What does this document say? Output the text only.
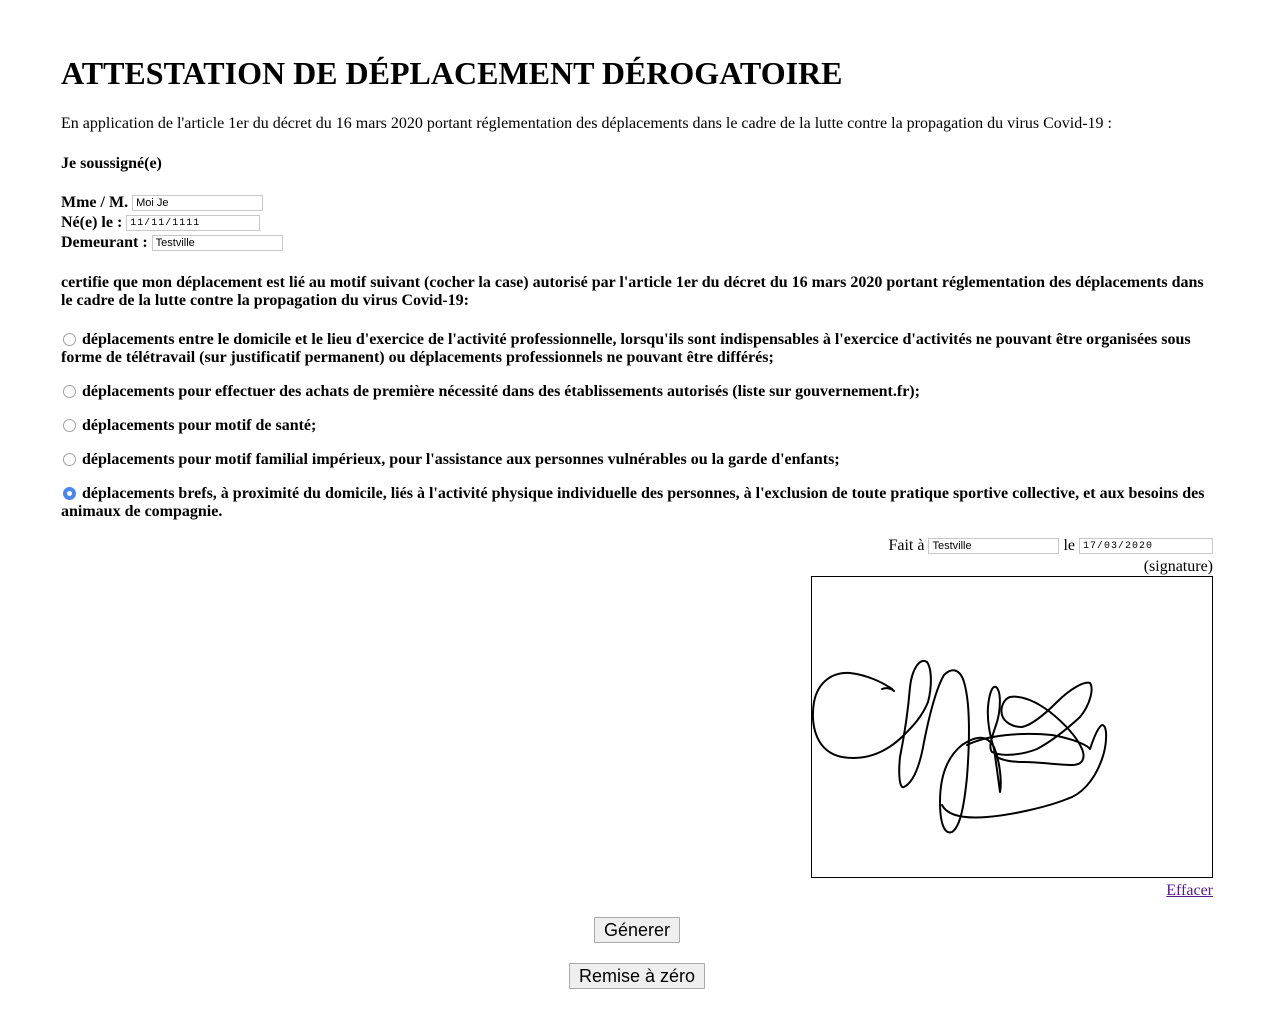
ATTESTATION DE DÉPLACEMENT DÉROGATOIRE

En application de l'article 1er du décret du 16 mars 2020 portant réglementation des déplacements dans le cadre de la lutte contre la propagation du virus Covid-19 :

Je soussigné(e)

Mme / M.
Moi Je
Né(e) le :
11/11/1111
Demeurant :
Testville

certifie que mon déplacement est lié au motif suivant (cocher la case) autorisé par l'article 1er du décret du 16 mars 2020 portant réglementation des déplacements dans le cadre de la lutte contre la propagation du virus Covid-19:

déplacements entre le domicile et le lieu d'exercice de l'activité professionnelle, lorsqu'ils sont indispensables à l'exercice d'activités ne pouvant être organisées sous forme de télétravail (sur justificatif permanent) ou déplacements professionnels ne pouvant être différés;
déplacements pour effectuer des achats de première nécessité dans des établissements autorisés (liste sur gouvernement.fr);
déplacements pour motif de santé;
déplacements pour motif familial impérieux, pour l'assistance aux personnes vulnérables ou la garde d'enfants;
déplacements brefs, à proximité du domicile, liés à l'activité physique individuelle des personnes, à l'exclusion de toute pratique sportive collective, et aux besoins des animaux de compagnie.
Fait à
Testville	le
17/03/2020
(signature)
Effacer
Génerer
Remise à zéro
